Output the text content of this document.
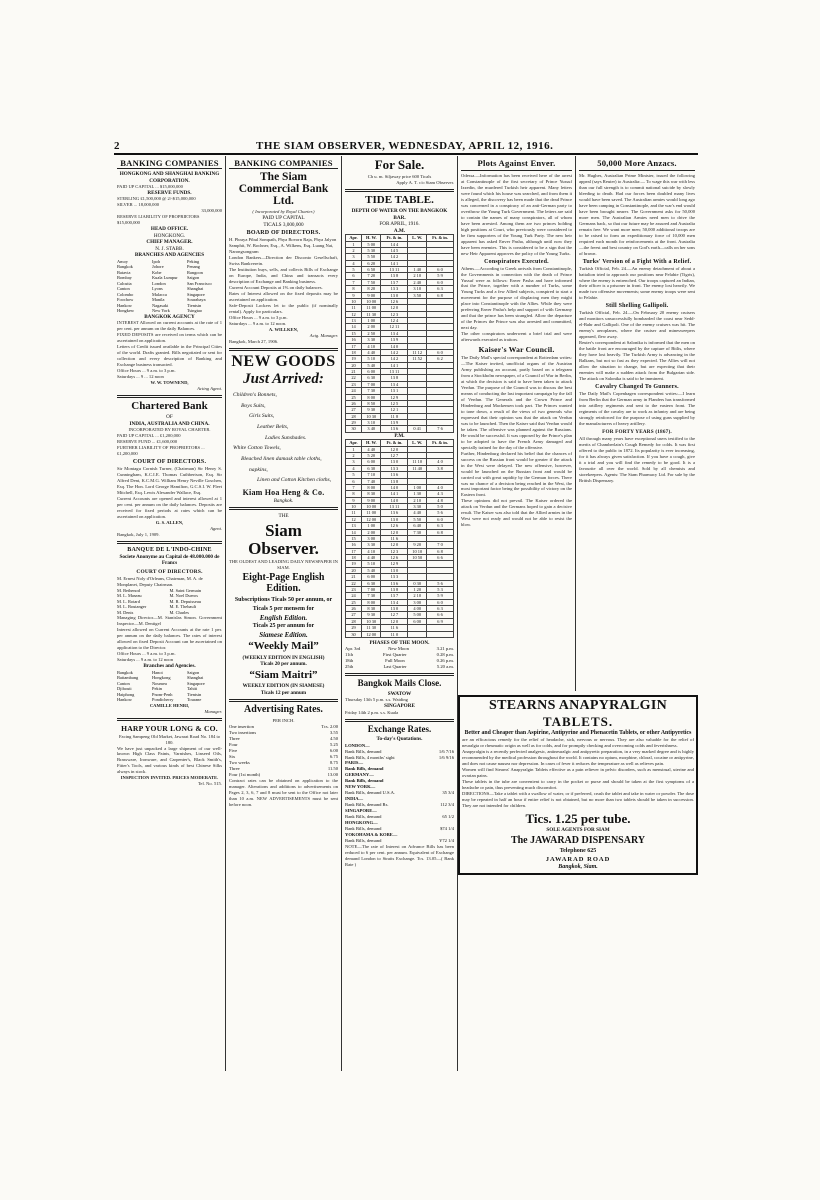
2	THE SIAM OBSERVER, WEDNESDAY, APRIL 12, 1916.
BANKING COMPANIES
HONGKONG AND SHANGHAI BANKING CORPORATION.
PAID UP CAPITAL ... $15,000,000
RESERVE FUNDS.
STERLING £1,500,000 @ 2/-$15,000,000
SILVER ... 18,000,000
33,000,000
RESERVE LIABILITY OF PROPRIETORS $15,000,000
HEAD OFFICE.
HONGKONG.
CHIEF MANAGER.
N. J. STABB.
BRANCHES AND AGENCIES
Amoy	Ipoh	Peking
Bangkok	Johore	Penang
Batavia	Kobe	Rangoon
Bombay	Kuala Lumpur	Saigon
Calcutta	London	San Francisco
Canton	Lyons	Shanghai
Colombo	Malacca	Singapore
Foochow	Manila	Sourabaya
Hankow	Nagasaki	Tientsin
Hongkew	New York	Tsingtao
BANGKOK AGENCY
INTEREST Allowed on current accounts at the rate of 1 per cent. per annum on the daily Balances.
FIXED DEPOSITS are received on terms which can be ascertained on application.
Letters of Credit issued available in the Principal Cities of the world. Drafts granted. Bills negotiated or sent for collection and every description of Banking and Exchange business transacted.
Office Hours ... 9 a.m. to 3 p.m.
Saturdays ... 9 ... 12 noon
W. W. TOWNEND,
Acting Agent.
Chartered Bank
OF
INDIA, AUSTRALIA AND CHINA.
INCORPORATED BY ROYAL CHARTER.
PAID UP CAPITAL ... £1,200,000
RESERVE FUND ... £1,600,000
FURTHER LIABILITY OF PROPRIETORS ... £1,200,000
COURT OF DIRECTORS.
Sir Montagu Cornish Turner, (Chairman) Sir Henry S. Cunningham, K.C.I.E. Thomas Cuthbertson, Esq. Sir Alfred Dent, K.C.M.G. William Henry Neville Goschen, Esq. The Hon. Lord George Hamilton, G.C.S.I. W. Fleet Mitchell, Esq. Lewis Alexander Wallace, Esq.
Current Accounts are opened and interest allowed at 1 per cent. per annum on the daily balances. Deposits are received for fixed periods at rates which can be ascertained on application.
G. S. ALLEN,
Agent.
Bangkok, July 1, 1909.
BANQUE DE L'INDO-CHINE
Societe Anonyme au Capital de 48.000.000 de Francs
COURT OF DIRECTORS.
M. Ernest Noly d'Orleans, Chairman, M. A. de Monplanet, Deputy Chairman.
M. Bethenod	M. Saint Germain
M. L. Maseau	M. Noel Dueros
M. L. Rotard	M. R. Depuisseau
M. L. Boutanger	M. E. Thebault
M. Denis	M. Charles
Managing Director—M. Stanislas Simon. Government Inspector—M. Dentigel
Interest allowed on Current Accounts at the rate 1 per. per annum on the daily balances. The rates of interest allowed on fixed Deposit Account can be ascertained on application to the Director.
Office Hours ... 9 a.m. to 3 p.m.
Saturdays ... 9 a.m. to 12 noon
Branches and Agencies.
Bangkok	Hanoi	Saigon
Battambang	Hongkong	Shanghai
Canton	Noumea	Singapore
Djibouti	Pekin	Tahiti
Haiphong	Pnom-Penh	Tientsin
Hankow	Pondicherry	Tourane
CAMILLE HENRI,
Manager.
HARP YOUR LONG & CO.
Facing Sampeng Old Market, Jawarat Road No. 184 to 180.
We have just unpacked a large shipment of our well-known High Class Paints, Varnishes, Linseed Oils, Brassware, Ironware, and Carpenter's, Black Smith's, Fitter's Tools, and various kinds of best Chinese Silks always in stock.
INSPECTION INVITED. PRICES MODERATE.
Tel. No. 515.
BANKING COMPANIES
The Siam Commercial Bank Ltd.
( Incorporated by Royal Charter.)
PAID UP CAPITAL
TICALS 3,000,000
BOARD OF DIRECTORS.
H. Phraya Pibul Sompath, Phya Bovorn Raja, Phya Jalyon Samphit, W. Bochner, Esq., A. Wilkens, Esq. Luang Nai, Narongsongram
London Bankers—Direction der Disconto Gesellschaft, Swiss Bankverein.
The Institution buys, sells, and collects Bills of Exchange on Europe, India, and China and transacts every description of Exchange and Banking business.
Current Account Deposits at 1% on daily balances.
Rates of Interest allowed on the fixed deposits may be ascertained on application.
Safe-Deposit Lockers let to the public (if nominally rental). Apply for particulars.
Office Hours ... 9 a.m. to 3 p.m.
Saturdays ... 9 a.m. to 12 noon.
A. WILLKEN,
Actg. Manager.
Bangkok, March 27, 1906.
NEW GOODS
Just Arrived:
Children's Bonnets,
Boys Suits,
Girls Suits,
Leather Belts,
Ladies Sunshades.
White Cotton Towels,
Bleached linen damask table cloths,
napkins,
Linen and Cotton Kitchen cloths,
Kiam Hoa Heng & Co.
Bangkok.
THE
Siam Observer.
THE OLDEST AND LEADING DAILY NEWSPAPER IN SIAM.
Eight-Page English Edition.
Subscriptions Ticals 50 per annum, or Ticals 5 per mensem for
English Edition.
Ticals 25 per annum for
Siamese Edition.
“Weekly Mail”
(WEEKLY EDITION IN ENGLISH)
Ticals 20 per annum.
“Siam Maitri”
WEEKLY EDITION (IN SIAMESE)
Ticals 12 per annum
Advertising Rates.
PER INCH.
One insertion	Tcs. 2.00
Two insertions	3.55
Three	4.50
Four	5.25
Five	6.00
Six	6.75
Two weeks	8.75
Three	11.50
Four (1st month)	13.00
Contract rates can be obtained on application to the manager. Alterations and additions to advertisements on Pages 2, 3, 6, 7 and 8 must be sent to the Office not later than 10 a.m. NEW ADVERTISEMENTS must be sent before noon.
For Sale.
Ch u. m. Siljaway price 600 Ticals
Apply A. T. c/o Siam Observer.
TIDE TABLE.
DEPTH OF WATER ON THE BANGKOK BAR.
FOR APRIL, 1916.
A.M.
Apr.	H. W.	Ft. & in.	L. W.	Ft. & in.
1	5 00	14 4		
2	5 30	14 5		
3	5 50	14 2		
4	6 20	14 1		
5	6 50	13 11	1 40	6 0
6	7 20	13 8	2 10	5 9
7	7 50	13 7	2 40	6 0
8	8 20	13 3	3 10	6 3
9	9 00	13 0	3 50	6 8
10	10 00	12 6		
11	11 00	12 0		
12	11 30	12 3		
13	1 00	12 4		
14	2 00	12 11		
15	2 50	13 4		
16	3 30	13 9		
17	4 10	14 0		
18	4 40	14 2	11 12	6 0
19	5 10	14 2	11 52	6 2
20	5 40	14 1		
21	6 00	13 11		
22	6 30	13 8		
23	7 00	13 4		
24	7 30	13 1		
25	8 00	12 9		
26	8 50	12 5		
27	9 30	12 1		
28	10 30	11 8		
29	3 10	13 9		
30	3 40	13 6	0 41	7 6
P.M.
Apr.	H. W.	Ft. & in.	L. W.	Ft. & in.
1	4 40	12 0		
2	5 20	12 7		
3	6 00	13 0	11 10	4 0
4	6 30	13 3	11 40	3 8
5	7 10	13 6		
6	7 40	13 8		
7	8 00	14 0	1 00	4 0
8	8 30	14 1	1 30	4 3
9	9 00	14 0	2 10	4 8
10	10 00	13 11	3 30	5 0
11	11 00	13 6	4 40	5 6
12	12 00	13 0	5 50	6 0
13	1 00	12 6	6 40	6 3
14	2 00	12 0	7 30	6 8
15	3 00	11 6		
16	3 30	12 0	9 20	7 0
17	4 10	12 3	10 10	6 8
18	4 40	12 6	10 50	6 6
19	5 10	12 9		
20	5 40	13 0		
21	6 00	13 3		
22	6 30	13 6	0 30	5 6
23	7 00	13 8	1 20	5 3
24	7 30	13 7	2 10	5 9
25	8 00	13 4	3 00	6 0
26	8 30	13 0	4 00	6 3
27	9 30	12 7	5 00	6 6
28	10 30	12 0	6 00	6 9
29	11 30	11 6		
30	12 00	11 0		
PHASES OF THE MOON.
Apr. 3rd	New Moon	3.21 p.m.
11th	First Quarter	0.28 p.m.
18th	Full Moon	0.26 p.m.
25th	Last Quarter	5.20 a.m.
Bangkok Mails Close.
SWATOW
Thursday 13th 5 p.m. s.s. Waiding
SINGAPORE
Friday 14th 2 p.m. s.s. Kuala
Exchange Rates.
To-day's Quotations.
LONDON—
Bank Bills, demand	1/6 7/16
Bank Bills, 4 months' sight	1/6 9/16
PARIS—
Bank Bills, demand
GERMANY—
Bank Bills, demand
NEW YORK—
Bank Bills, demand U.S.A.	35 3/4
INDIA—
Bank Bills, demand Rs.	112 3/4
SINGAPORE—
Bank Bills, demand	65 1/2
HONGKONG—
Bank Bills, demand	$74 1/4
YOKOHAMA & KOBE—
Bank Bills, demand	Y72 1/4
NOTE—The rate of Interest on Advance Bills has been reduced to 6 per cent. per annum. Equivalent of Exchange demand London to Straits Exchange. Tcs. 13.05—( Bank Rate )
Plots Against Enver.
Odessa.—Information has been received here of the arrest at Constantinople of the first secretary of Prince Yussuf Izzedin, the murdered Turkish heir apparent. Many letters were found which his house was searched, and from them it is alleged, the discovery has been made that the dead Prince was concerned in a conspiracy of an anti-German party to overthrow the Young Turk Government. The letters are said to contain the names of many conspirators, all of whom have been arrested. Among them are two princes holding high positions at Court, who previously were considered to be firm supporters of the Young Turk Party. The new heir apparent has asked Enver Pasha, although until now they have been enemies. This is considered to be a sign that the new Heir Apparent approves the policy of the Young Turks.
Conspirators Executed.
Athens.—According to Greek arrivals from Constantinople, the Governments in connection with the death of Prince Yussuf were as follows: Enver Pasha and have informed that the Prince, together with a number of Turks, some Young Turks and a few Allied subjects, conspired to start a movement for the purpose of displacing men they might place into Constantinople with the Allies. While they were preferring Enver Pasha's help and support of with Germany and that the prince has been strangled. Allow the departure of the Princes the Prince was also arrested and committed, next day.
The other conspirators underwent a brief trial and were afterwards executed as traitors.
Kaiser's War Council.
The Daily Mail's special correspondent at Rotterdam writes:—The Kaiser invited, unofficial organs of the Austrian Army publishing an account, partly based on a telegram from a Stockholm newspaper, of a Council of War in Berlin, at which the decision is said to have been taken to attack Verdun. The purpose of the Council was to discuss the best means of conducting the last important campaign by the fall of Verdun. The Generals and the Crown Prince and Hindenburg and Mackensen took part. The Princes wanted to tone down, a result of the views of two generals who expressed that their opinion was that the attack on Verdun was to be launched. Then the Kaiser said that Verdun would be taken. The offensive was planned against the Russians. He would be successful. It was opposed by the Prince's plan to be adopted to have the French Army damaged and specially trained for the day of the offensive.
Further, Hindenburg declared his belief that the chances of success on the Russian front would be greater if the attack in the West were delayed. The new offensive, however, would be launched on the Russian front and would be carried out with great rapidity by the German forces. There was no chance of a decision being reached in the West, the most important factor being the possibility of victory on the Eastern front.
These opinions did not prevail. The Kaiser ordered the attack on Verdun and the Germans hoped to gain a decisive result. The Kaiser was also told that the Allied armies in the West were not ready and would not be able to resist the blow.
50,000 More Anzacs.
Mr. Hughes, Australian Prime Minister, issued the following appeal (says Reuter) to Australia:— To wage this war with less than our full strength is to commit national suicide by slowly bleeding to death. Had our forces been doubled many lives would have been saved. The Australian armies would long ago have been camping in Constantinople, and the war's end would have been brought nearer. The Government asks for 50,000 more men. The Australian Armies need men to drive the Germans back, so that our future may be assured and Australia remain free. We want more men; 50,000 additional troops are to be raised to form an expeditionary force of 10,000 men required each month for reinforcements at the front. Australia—the freest and best country on God's earth—calls on her sons of brawn.
Turks' Version of a Fight With a Relief.
Turkish Official, Feb. 24.—An enemy detachment of about a battalion tried to approach our positions near Felahie (Tigris), where the enemy is entrenched. Our troops captured an Indian, their officer is a prisoner in front. The enemy lost heavily. We made two offensive movements; some enemy troops were sent to Felahie.
Still Shelling Gallipoli.
Turkish Official, Feb. 24.—On February 20 enemy cruisers and monitors unsuccessfully bombarded the coast near Sedd-el-Bahr and Gallipoli. One of the enemy cruisers was hit. The enemy's aeroplanes, where the cruiser and minesweepers appeared, flew away.
Reuter's correspondent at Salonika is informed that the men on the battle front are encouraged by the capture of Bitlis, where they have lost heavily. The Turkish Army is advancing in the Balkans, but not so fast as they expected. The Allies will not allow the situation to change, but are expecting that their enemies will make a sudden attack from the Bulgarian side. The attack on Salonika is said to be imminent.
Cavalry Changed To Gunners.
The Daily Mail's Copenhagen correspondent writes:—I learn from Berlin that the German army in Flanders has transformed into artillery regiments and sent to the eastern front. The regiments of the cavalry are to work as infantry and are being strongly reinforced for the purpose of using guns supplied by the manufacturers of heavy artillery.
FOR FORTY YEARS (1867).
All through many years have exceptional users testified to the merits of Chamberlain's Cough Remedy for colds. It was first offered to the public in 1872. Its popularity is ever increasing, for it has always given satisfaction. If you have a cough, give it a trial and you will find the remedy to be good. It is a favourite all over the world. Sold by all chemists and storekeepers. Agents: The Siam Pharmacy Ltd. For sale by the British Dispensary.
STEARNS ANAPYRALGIN
TABLETS.
Better and Cheaper than Aspirine, Antipyrine and Phenacetin Tablets, or other Antipyretics
are an efficacious remedy for the relief of headache, sick, nervous or nervous. They are also valuable for the relief of neuralgia or rheumatic origin as well as for colds, and for promptly checking and overcoming colds and feverishness.
Anapyralgin is a recently perfected analgesic, antineuralgic and antipyretic preparation, in a very marked degree and is highly recommended by the medical profession throughout the world. It contains no opium, morphine, chloral, cocaine or antipyrine, and does not cause nausea nor depression. In cases of fever it reduces the temperature as well as relieves pain.
Women will find Stearns' Anapyralgin Tablets effective as a pain reliever in pelvic disorders, such as menstrual, uterine and ovarian pains.
These tablets in the tube are convenient to carry in the pocket or purse and should be taken at the first symptoms of a headache or pain, thus preventing much discomfort.
DIRECTIONS—Take a tablet with a swallow of water, or if preferred, crush the tablet and take in water or powder. The dose may be repeated in half an hour if entire relief is not obtained, but no more than two tablets should be taken in succession. They are not intended for children.
Tics. 1.25 per tube.
SOLE AGENTS FOR SIAM
The JAWARAD DISPENSARY
Telephone 625
JAWARAD ROAD
Bangkok, Siam.
